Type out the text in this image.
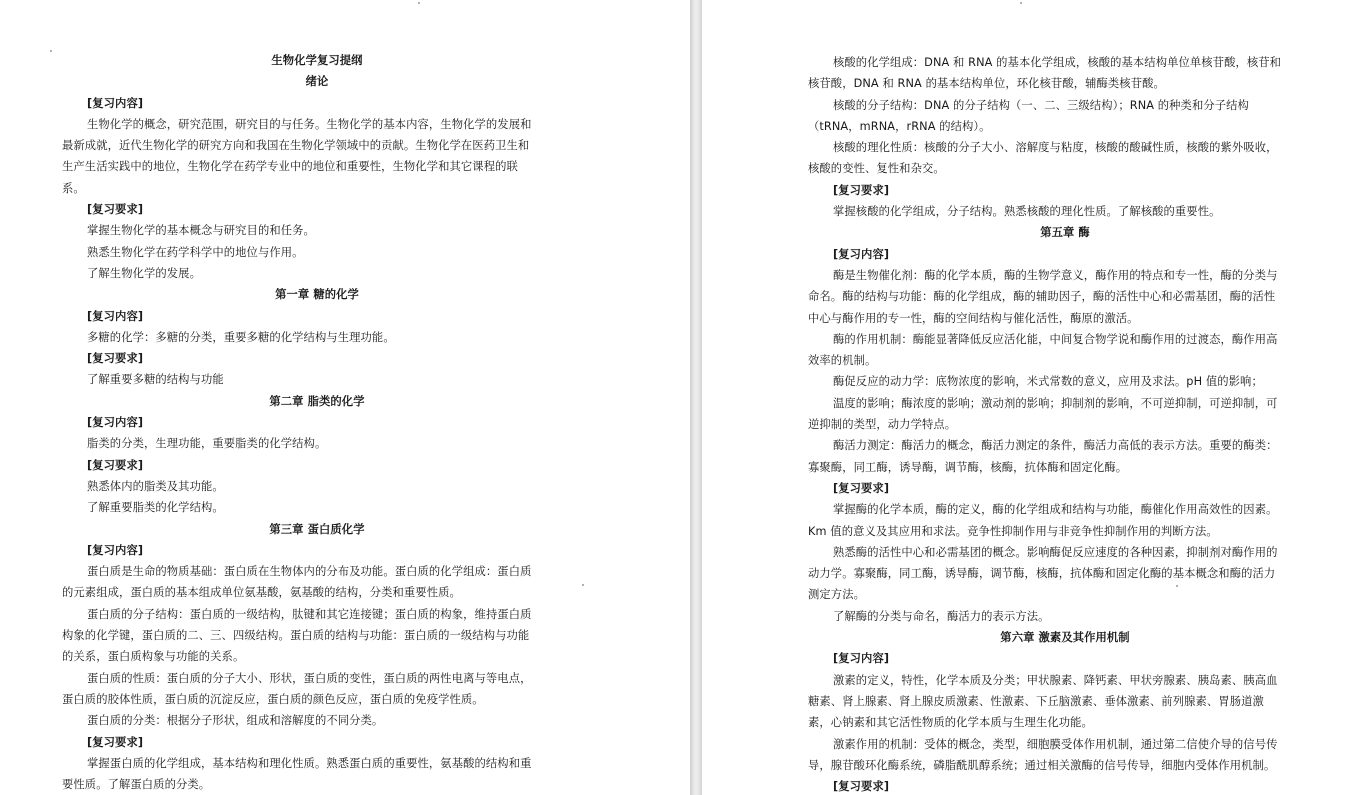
生物化学复习提纲
绪论
[复习内容]
生物化学的概念，研究范围，研究目的与任务。生物化学的基本内容，生物化学的发展和
最新成就，近代生物化学的研究方向和我国在生物化学领域中的贡献。生物化学在医药卫生和
生产生活实践中的地位，生物化学在药学专业中的地位和重要性，生物化学和其它课程的联
系。
[复习要求]
掌握生物化学的基本概念与研究目的和任务。
熟悉生物化学在药学科学中的地位与作用。
了解生物化学的发展。
第一章 糖的化学
[复习内容]
多糖的化学：多糖的分类，重要多糖的化学结构与生理功能。
[复习要求]
了解重要多糖的结构与功能
第二章 脂类的化学
[复习内容]
脂类的分类，生理功能，重要脂类的化学结构。
[复习要求]
熟悉体内的脂类及其功能。
了解重要脂类的化学结构。
第三章 蛋白质化学
[复习内容]
蛋白质是生命的物质基础：蛋白质在生物体内的分布及功能。蛋白质的化学组成：蛋白质
的元素组成，蛋白质的基本组成单位氨基酸，氨基酸的结构，分类和重要性质。
蛋白质的分子结构：蛋白质的一级结构，肽键和其它连接键；蛋白质的构象，维持蛋白质
构象的化学键，蛋白质的二、三、四级结构。蛋白质的结构与功能：蛋白质的一级结构与功能
的关系，蛋白质构象与功能的关系。
蛋白质的性质：蛋白质的分子大小、形状，蛋白质的变性，蛋白质的两性电离与等电点，
蛋白质的胶体性质，蛋白质的沉淀反应，蛋白质的颜色反应，蛋白质的免疫学性质。
蛋白质的分类：根据分子形状，组成和溶解度的不同分类。
[复习要求]
掌握蛋白质的化学组成，基本结构和理化性质。熟悉蛋白质的重要性，氨基酸的结构和重
要性质。了解蛋白质的分类。
核酸的化学组成：DNA 和 RNA 的基本化学组成，核酸的基本结构单位单核苷酸，核苷和
核苷酸，DNA 和 RNA 的基本结构单位，环化核苷酸，辅酶类核苷酸。
核酸的分子结构：DNA 的分子结构（一、二、三级结构）；RNA 的种类和分子结构
（tRNA，mRNA，rRNA 的结构）。
核酸的理化性质：核酸的分子大小、溶解度与粘度，核酸的酸碱性质，核酸的紫外吸收，
核酸的变性、复性和杂交。
[复习要求]
掌握核酸的化学组成，分子结构。熟悉核酸的理化性质。了解核酸的重要性。
第五章 酶
[复习内容]
酶是生物催化剂：酶的化学本质，酶的生物学意义，酶作用的特点和专一性，酶的分类与
命名。酶的结构与功能：酶的化学组成，酶的辅助因子，酶的活性中心和必需基团，酶的活性
中心与酶作用的专一性，酶的空间结构与催化活性，酶原的激活。
酶的作用机制：酶能显著降低反应活化能，中间复合物学说和酶作用的过渡态，酶作用高
效率的机制。
酶促反应的动力学：底物浓度的影响，米式常数的意义，应用及求法。pH 值的影响；
温度的影响；酶浓度的影响；激动剂的影响；抑制剂的影响，不可逆抑制，可逆抑制，可
逆抑制的类型，动力学特点。
酶活力测定：酶活力的概念，酶活力测定的条件，酶活力高低的表示方法。重要的酶类：
寡聚酶，同工酶，诱导酶，调节酶，核酶，抗体酶和固定化酶。
[复习要求]
掌握酶的化学本质，酶的定义，酶的化学组成和结构与功能，酶催化作用高效性的因素。
Km 值的意义及其应用和求法。竞争性抑制作用与非竞争性抑制作用的判断方法。
熟悉酶的活性中心和必需基团的概念。影响酶促反应速度的各种因素，抑制剂对酶作用的
动力学。寡聚酶，同工酶，诱导酶，调节酶，核酶，抗体酶和固定化酶的基本概念和酶的活力
测定方法。
了解酶的分类与命名，酶活力的表示方法。
第六章 激素及其作用机制
[复习内容]
激素的定义，特性，化学本质及分类；甲状腺素、降钙素、甲状旁腺素、胰岛素、胰高血
糖素、肾上腺素、肾上腺皮质激素、性激素、下丘脑激素、垂体激素、前列腺素、胃肠道激
素，心钠素和其它活性物质的化学本质与生理生化功能。
激素作用的机制：受体的概念，类型，细胞膜受体作用机制，通过第二信使介导的信号传
导，腺苷酸环化酶系统，磷脂酰肌醇系统；通过相关激酶的信号传导，细胞内受体作用机制。
[复习要求]
